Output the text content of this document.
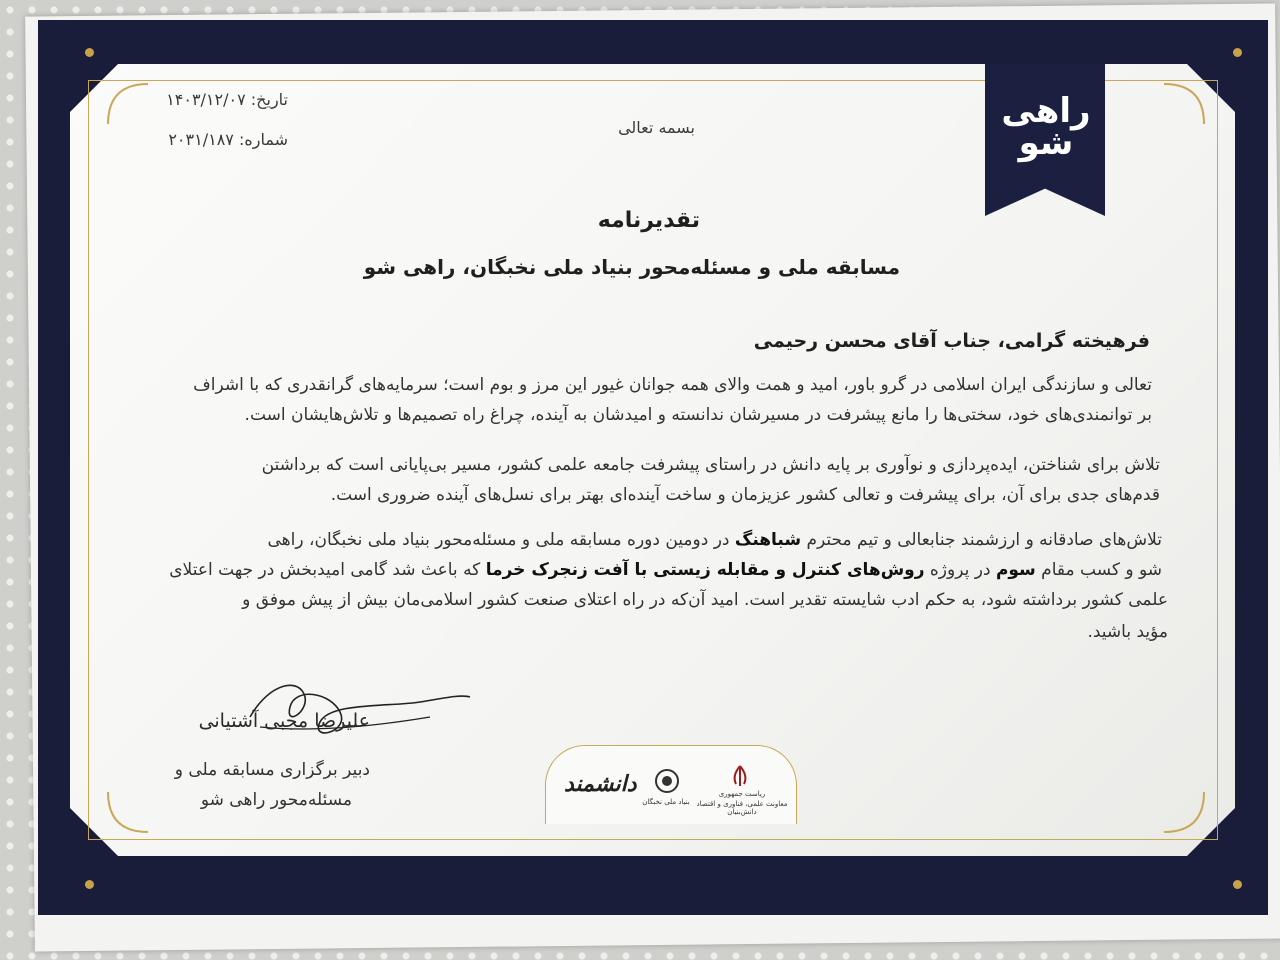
راهی
شو
تاریخ: ۱۴۰۳/۱۲/۰۷
شماره: ۲۰۳۱/۱۸۷
بسمه تعالی
تقدیرنامه
مسابقه ملی و مسئله‌محور بنیاد ملی نخبگان، راهی شو
فرهیخته گرامی، جناب آقای محسن رحیمی
تعالی و سازندگی ایران اسلامی در گرو باور، امید و همت والای همه جوانان غیور این مرز و بوم است؛ سرمایه‌های گرانقدری که با اشراف
بر توانمندی‌های خود، سختی‌ها را مانع پیشرفت در مسیرشان ندانسته و امیدشان به آینده، چراغ راه تصمیم‌ها و تلاش‌هایشان است.
تلاش برای شناختن، ایده‌پردازی و نوآوری بر پایه دانش در راستای پیشرفت جامعه علمی کشور، مسیر بی‌پایانی است که برداشتن
قدم‌های جدی برای آن، برای پیشرفت و تعالی کشور عزیزمان و ساخت آینده‌ای بهتر برای نسل‌های آینده ضروری است.
تلاش‌های صادقانه و ارزشمند جنابعالی و تیم محترم شباهنگ در دومین دوره مسابقه ملی و مسئله‌محور بنیاد ملی نخبگان، راهی
شو و کسب مقام سوم در پروژه روش‌های کنترل و مقابله زیستی با آفت زنجرک خرما که باعث شد گامی امیدبخش در جهت اعتلای
علمی کشور برداشته شود، به حکم ادب شایسته تقدیر است. امید آن‌که در راه اعتلای صنعت کشور اسلامی‌مان بیش از پیش موفق و
مؤید باشید.
علیرضا مجبی آشتیانی
دبیر برگزاری مسابقه ملی و
مسئله‌محور راهی شو
دانشمند
بنیاد ملی نخبگان
ریاست جمهوری
معاونت علمی، فناوری و اقتصاد دانش‌بنیان
